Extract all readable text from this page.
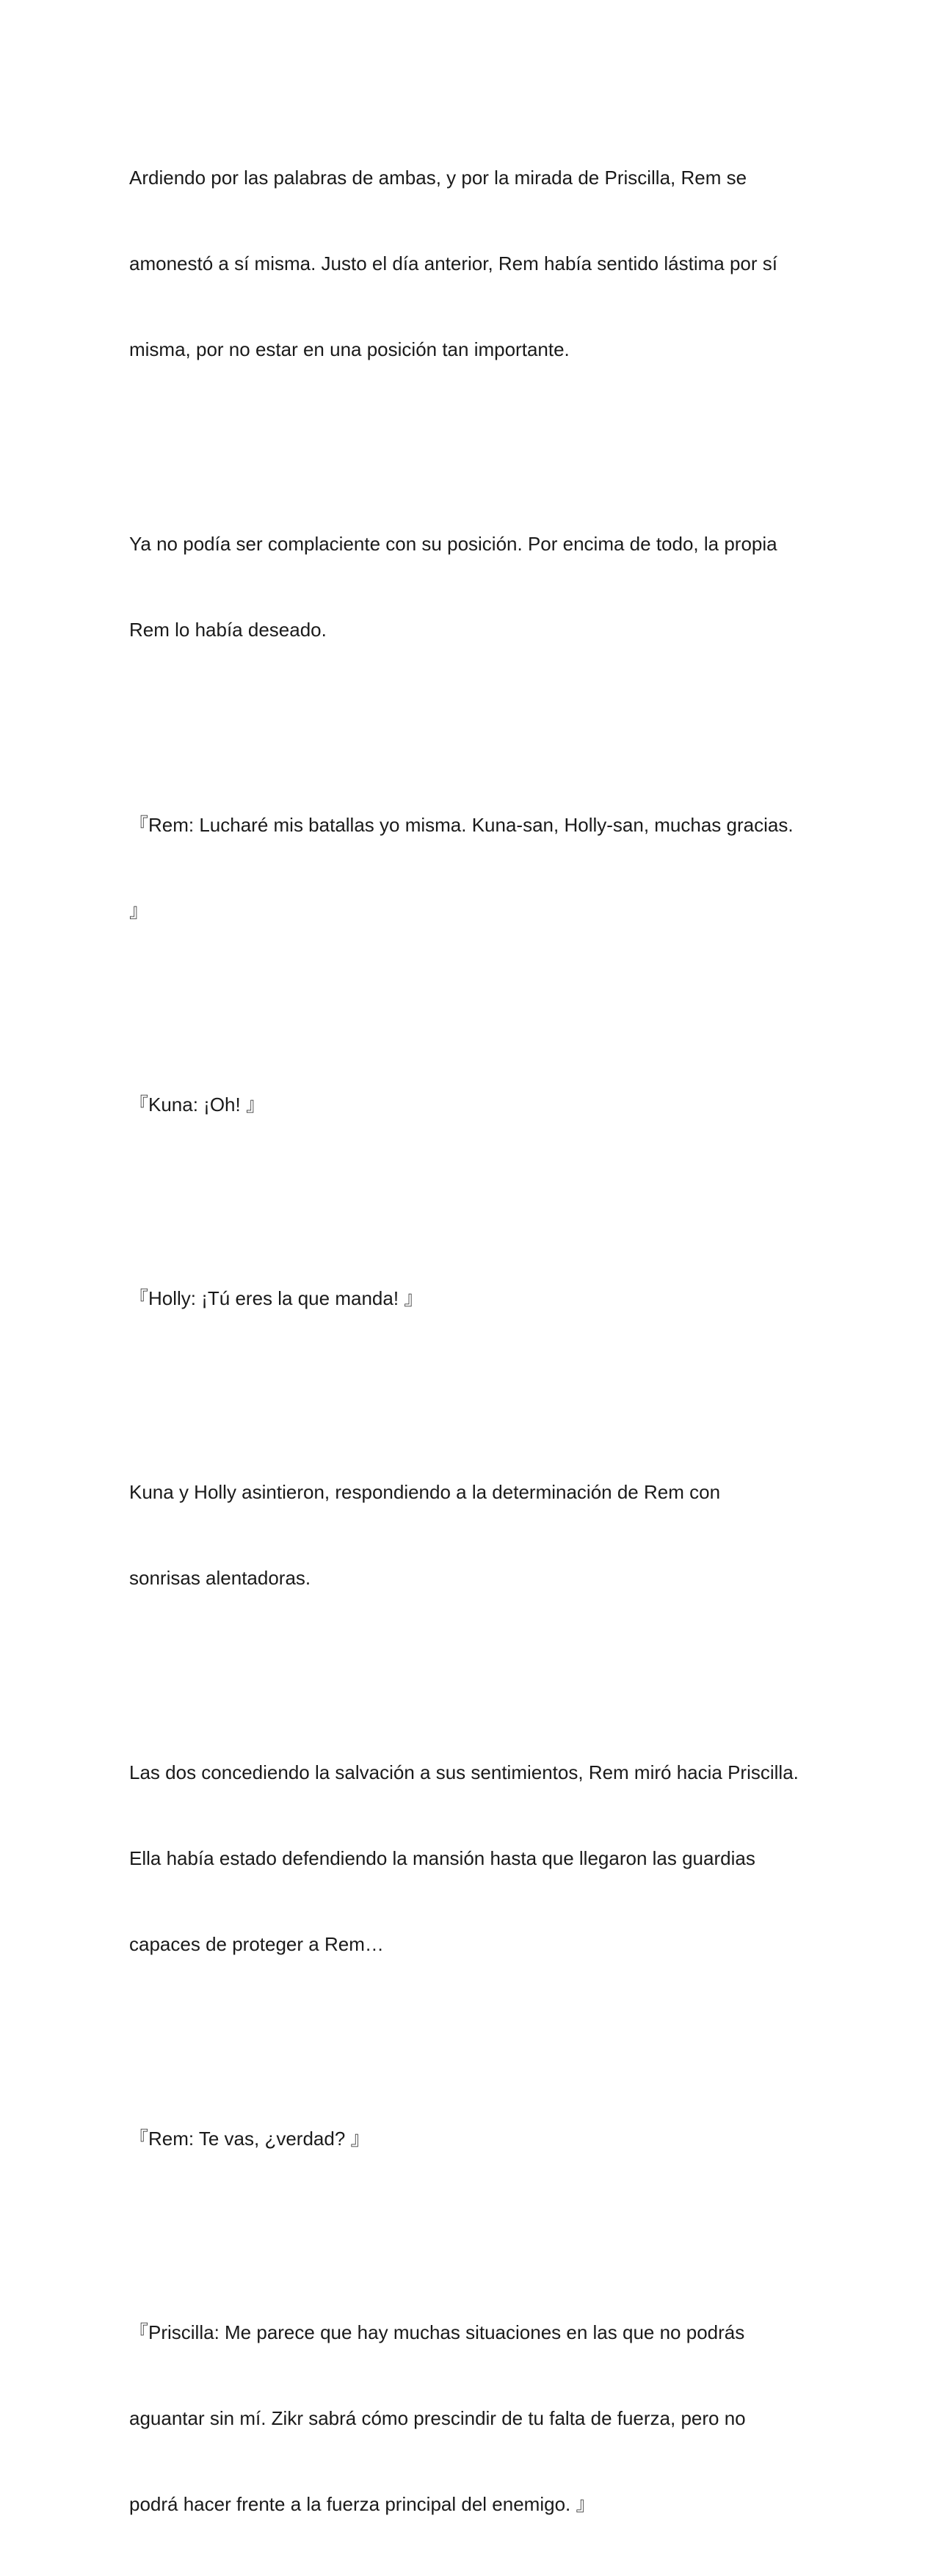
Ardiendo por las palabras de ambas, y por la mirada de Priscilla, Rem se

amonestó a sí misma. Justo el día anterior, Rem había sentido lástima por sí

misma, por no estar en una posición tan importante.

Ya no podía ser complaciente con su posición. Por encima de todo, la propia

Rem lo había deseado.

『Rem: Lucharé mis batallas yo misma. Kuna-san, Holly-san, muchas gracias.

』

『Kuna: ¡Oh! 』

『Holly: ¡Tú eres la que manda! 』

Kuna y Holly asintieron, respondiendo a la determinación de Rem con

sonrisas alentadoras.

Las dos concediendo la salvación a sus sentimientos, Rem miró hacia Priscilla.

Ella había estado defendiendo la mansión hasta que llegaron las guardias

capaces de proteger a Rem…

『Rem: Te vas, ¿verdad? 』

『Priscilla: Me parece que hay muchas situaciones en las que no podrás

aguantar sin mí. Zikr sabrá cómo prescindir de tu falta de fuerza, pero no

podrá hacer frente a la fuerza principal del enemigo. 』
